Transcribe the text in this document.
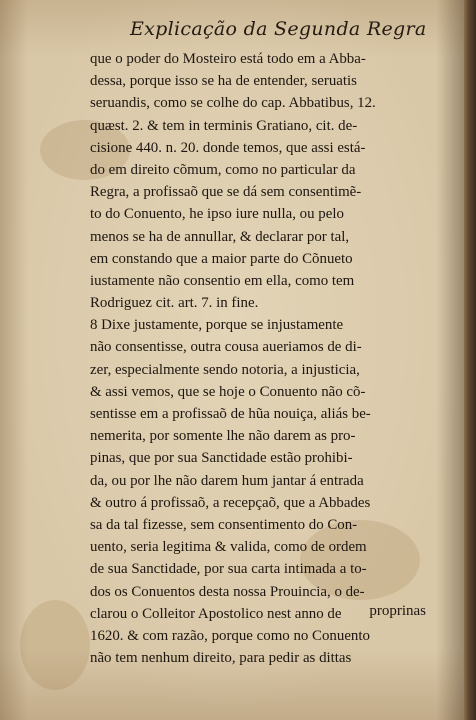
Explicação da Segunda Regra
que o poder do Mosteiro está todo em a Abba-
dessa, porque isso se ha de entender, seruatis
seruandis, como se colhe do cap. Abbatibus, 12.
quæst. 2. & tem in terminis Gratiano, cit. de-
cisione 440. n. 20. donde temos, que assi está-
do em direito cõmum, como no particular da
Regra, a profissaõ que se dá sem consentimẽ-
to do Conuento, he ipso iure nulla, ou pelo
menos se ha de annullar, & declarar por tal,
em constando que a maior parte do Cõnueto
iustamente não consentio em ella, como tem
Rodriguez cit. art. 7. in fine.
8 Dixe justamente, porque se injustamente
não consentisse, outra cousa aueriamos de di-
zer, especialmente sendo notoria, a injusticia,
& assi vemos, que se hoje o Conuento não cõ-
sentisse em a profissaõ de hũa nouiça, aliás be-
nemerita, por somente lhe não darem as pro-
pinas, que por sua Sanctidade estão prohibi-
da, ou por lhe não darem hum jantar á entrada
& outro á profissaõ, a recepçaõ, que a Abbades
sa da tal fizesse, sem consentimento do Con-
uento, seria legitima & valida, como de ordem
de sua Sanctidade, por sua carta intimada a to-
dos os Conuentos desta nossa Prouincia, o de-
clarou o Colleitor Apostolico nest anno de
1620. & com razão, porque como no Conuento
não tem nenhum direito, para pedir as dittas
proprinas
